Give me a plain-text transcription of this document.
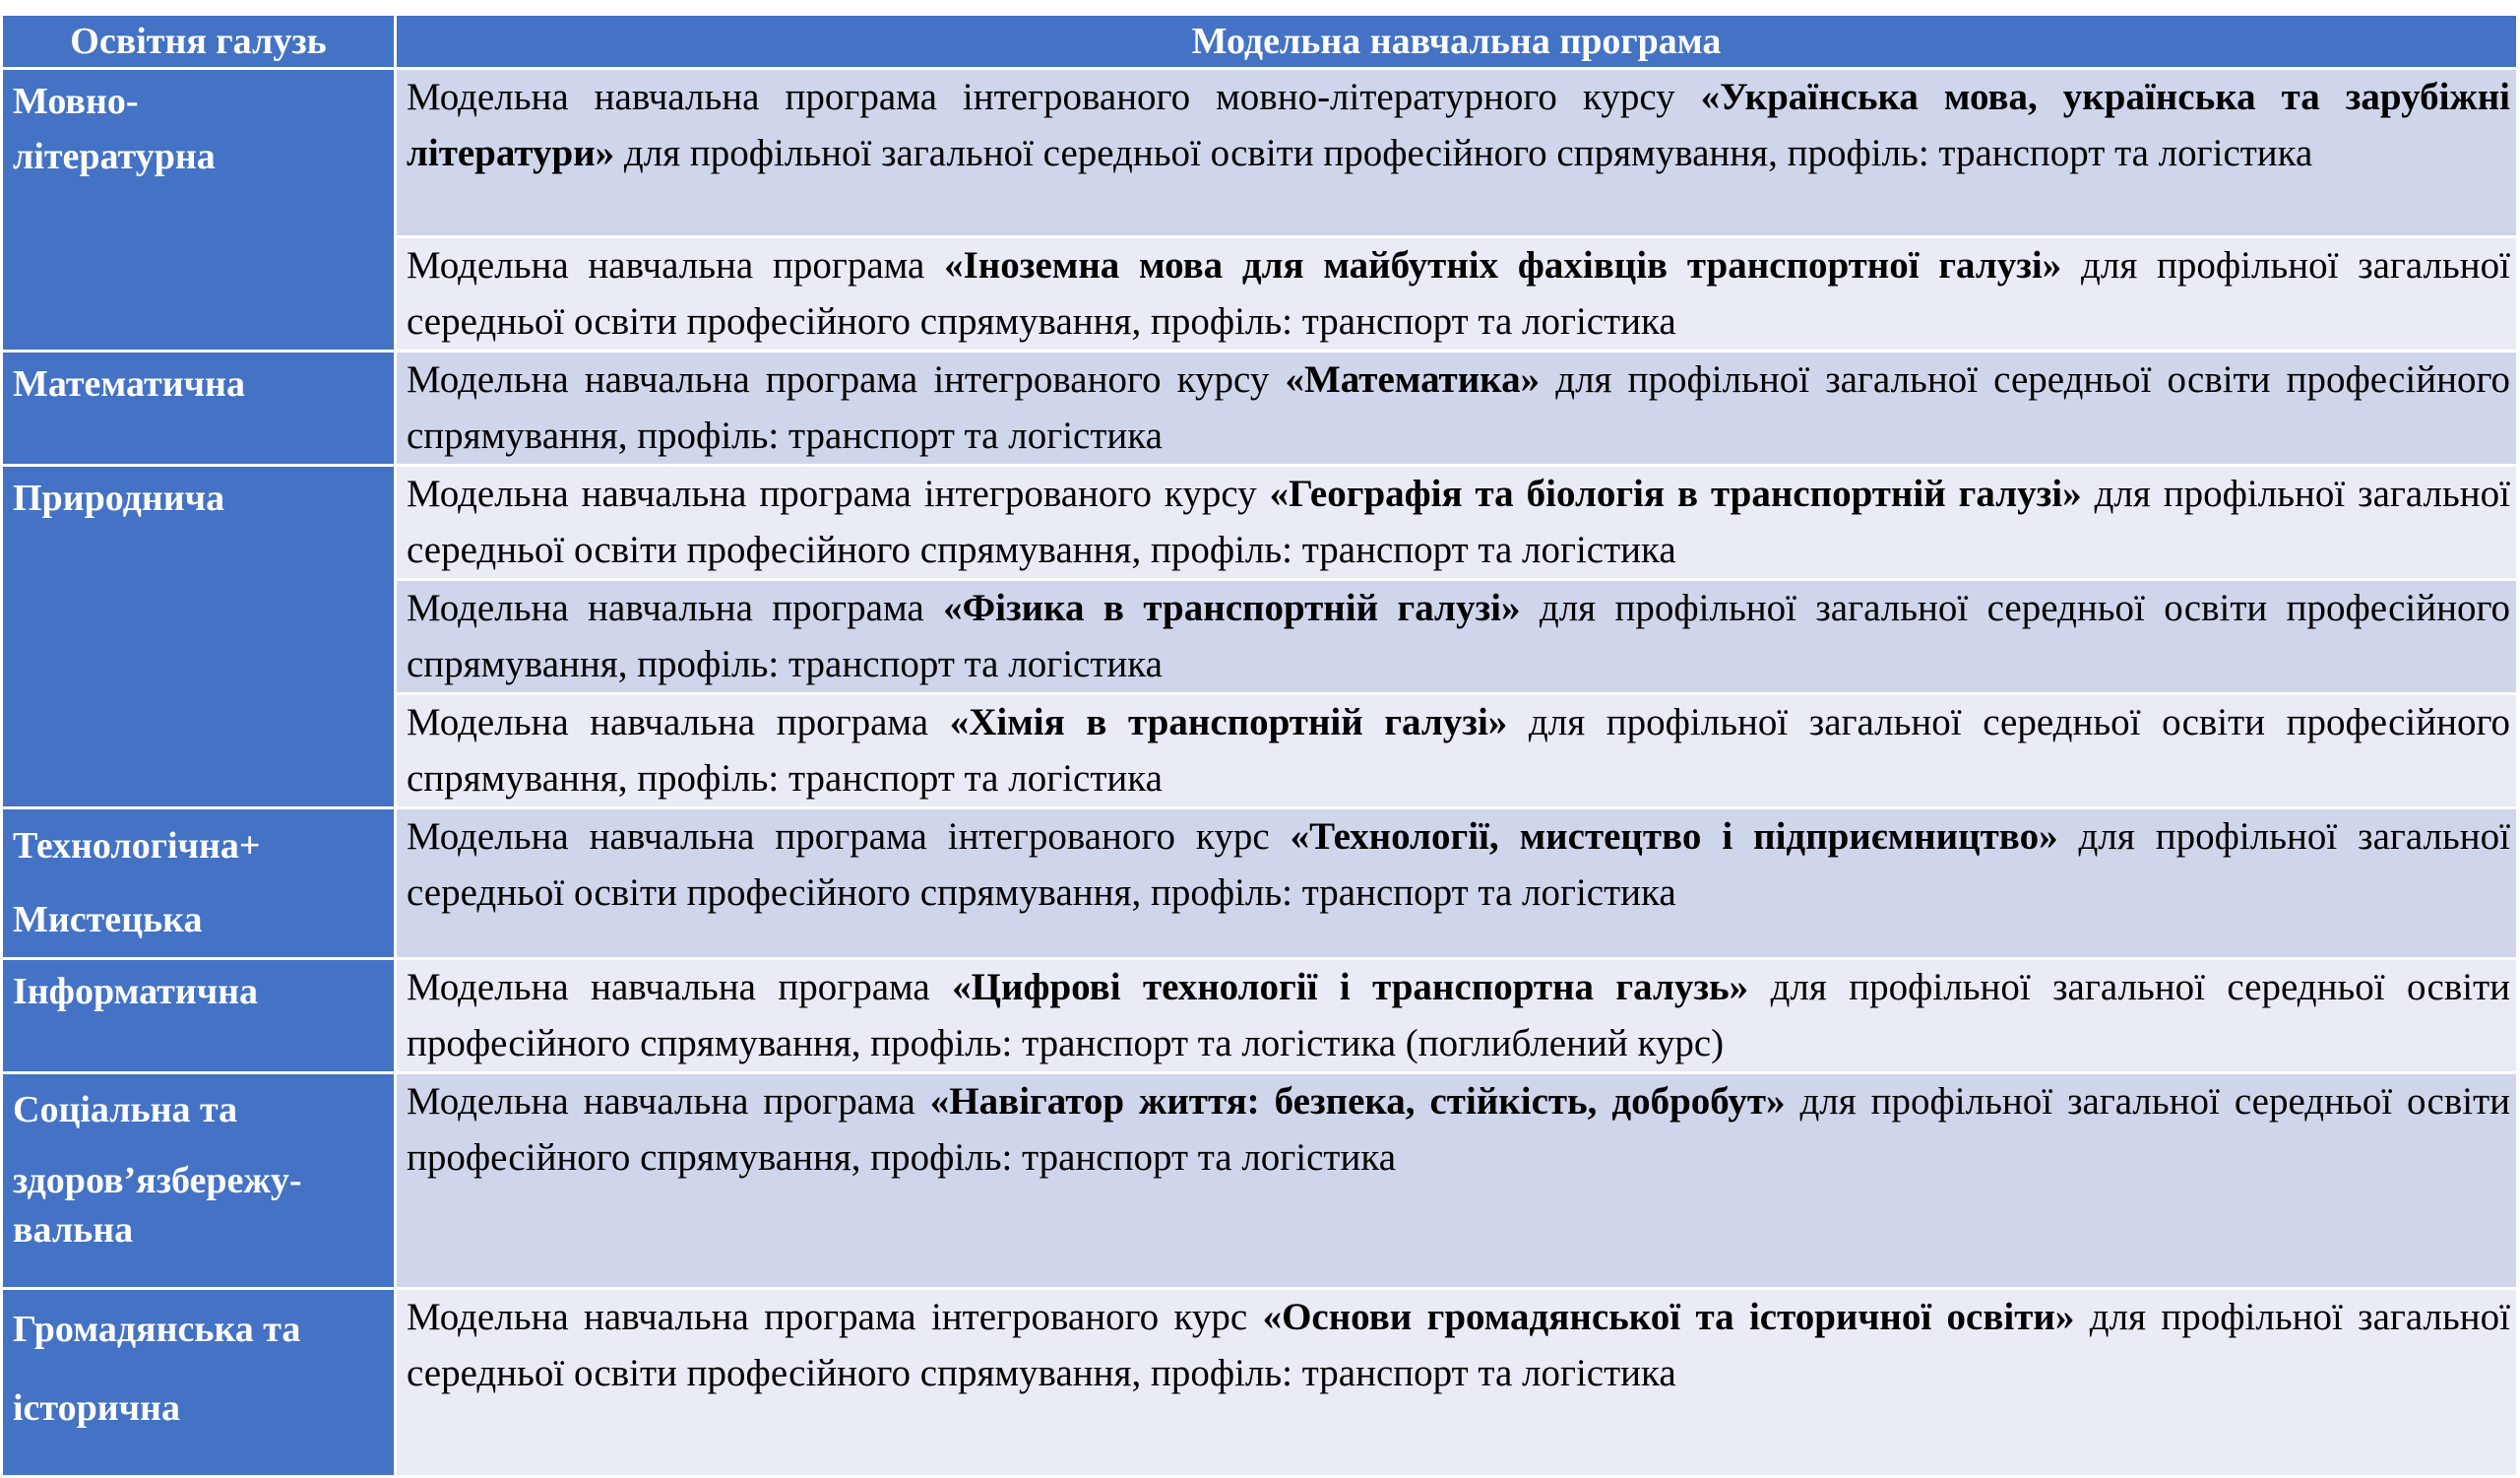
Освітня галузь	Модельна навчальна програма
Мовно-
літературна	Модельна навчальна програма інтегрованого мовно-літературного курсу «Українська мова, українська та зарубіжні літератури» для профільної загальної середньої освіти професійного спрямування, профіль: транспорт та логістика
	Модельна навчальна програма «Іноземна мова для майбутніх фахівців транспортної галузі» для профільної загальної середньої освіти професійного спрямування, профіль: транспорт та логістика
Математична	Модельна навчальна програма інтегрованого курсу «Математика» для профільної загальної середньої освіти професійного спрямування, профіль: транспорт та логістика
Природнича	Модельна навчальна програма інтегрованого курсу «Географія та біологія в транспортній галузі» для профільної загальної середньої освіти професійного спрямування, профіль: транспорт та логістика
	Модельна навчальна програма «Фізика в транспортній галузі» для профільної загальної середньої освіти професійного спрямування, профіль: транспорт та логістика
	Модельна навчальна програма «Хімія в транспортній галузі» для профільної загальної середньої освіти професійного спрямування, профіль: транспорт та логістика
Технологічна+
Мистецька	Модельна навчальна програма інтегрованого курс «Технології, мистецтво і підприємництво» для профільної загальної середньої освіти професійного спрямування, профіль: транспорт та логістика
Інформатична	Модельна навчальна програма «Цифрові технології і транспортна галузь» для профільної загальної середньої освіти професійного спрямування, профіль: транспорт та логістика (поглиблений курс)
Соціальна та
здоров’язбережу-
вальна	Модельна навчальна програма «Навігатор життя: безпека, стійкість, добробут» для профільної загальної середньої освіти професійного спрямування, профіль: транспорт та логістика
Громадянська та
історична	Модельна навчальна програма інтегрованого курс «Основи громадянської та історичної освіти» для профільної загальної середньої освіти професійного спрямування, профіль: транспорт та логістика
